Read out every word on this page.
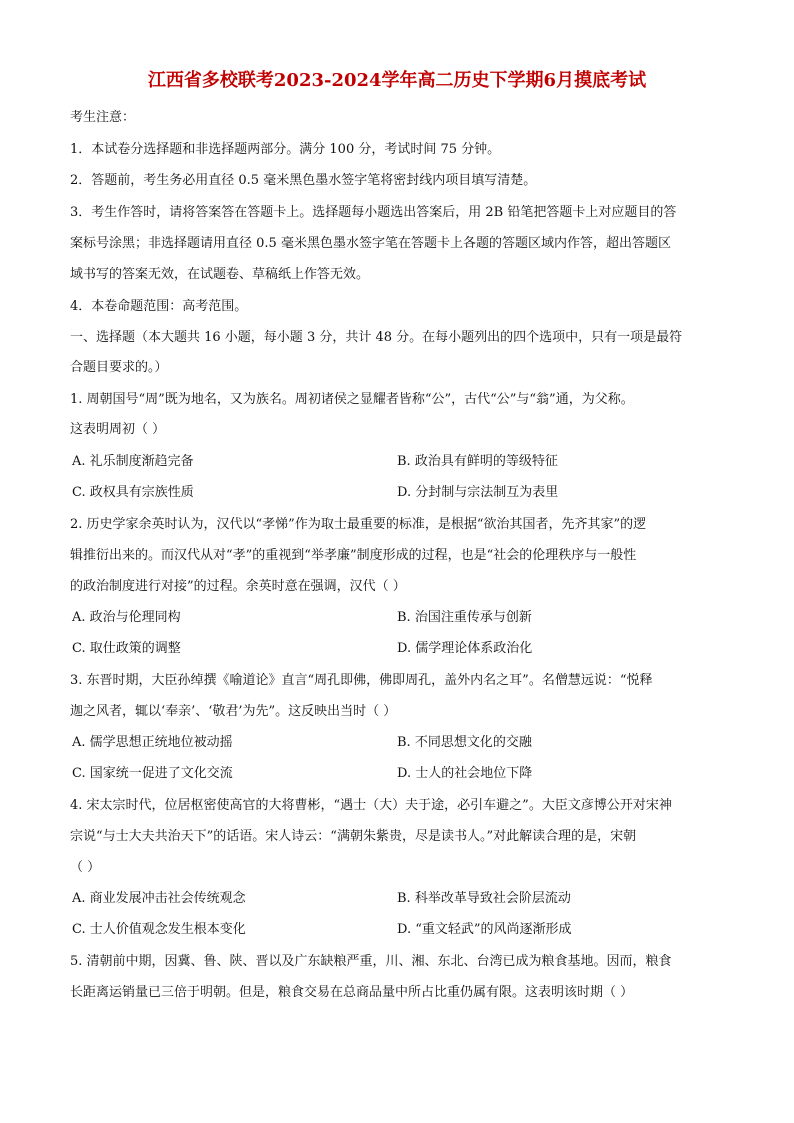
江西省多校联考2023-2024学年高二历史下学期6月摸底考试
考生注意：
1．本试卷分选择题和非选择题两部分。满分 100 分，考试时间 75 分钟。
2．答题前，考生务必用直径 0.5 毫米黑色墨水签字笔将密封线内项目填写清楚。
3．考生作答时，请将答案答在答题卡上。选择题每小题选出答案后，用 2B 铅笔把答题卡上对应题目的答
案标号涂黑；非选择题请用直径 0.5 毫米黑色墨水签字笔在答题卡上各题的答题区域内作答，超出答题区
域书写的答案无效，在试题卷、草稿纸上作答无效。
4．本卷命题范围：高考范围。
一、选择题（本大题共 16 小题，每小题 3 分，共计 48 分。在每小题列出的四个选项中，只有一项是最符
合题目要求的。）
1. 周朝国号“周”既为地名，又为族名。周初诸侯之显耀者皆称“公”，古代“公”与“翁”通，为父称。
这表明周初（ ）
A. 礼乐制度渐趋完备	B. 政治具有鲜明的等级特征
C. 政权具有宗族性质	D. 分封制与宗法制互为表里
2. 历史学家余英时认为，汉代以“孝悌”作为取士最重要的标准，是根据“欲治其国者，先齐其家”的逻
辑推衍出来的。而汉代从对“孝”的重视到“举孝廉”制度形成的过程，也是“社会的伦理秩序与一般性
的政治制度进行对接”的过程。余英时意在强调，汉代（ ）
A. 政治与伦理同构	B. 治国注重传承与创新
C. 取仕政策的调整	D. 儒学理论体系政治化
3. 东晋时期，大臣孙绰撰《喻道论》直言“周孔即佛，佛即周孔，盖外内名之耳”。名僧慧远说：“悦释
迦之风者，辄以‘奉亲’、‘敬君’为先”。这反映出当时（ ）
A. 儒学思想正统地位被动摇	B. 不同思想文化的交融
C. 国家统一促进了文化交流	D. 士人的社会地位下降
4. 宋太宗时代，位居枢密使高官的大将曹彬，“遇士（大）夫于途，必引车避之”。大臣文彦博公开对宋神
宗说“与士大夫共治天下”的话语。宋人诗云：“满朝朱紫贵，尽是读书人。”对此解读合理的是，宋朝
（ ）
A. 商业发展冲击社会传统观念	B. 科举改革导致社会阶层流动
C. 士人价值观念发生根本变化	D. “重文轻武”的风尚逐渐形成
5. 清朝前中期，因冀、鲁、陕、晋以及广东缺粮严重，川、湘、东北、台湾已成为粮食基地。因而，粮食
长距离运销量已三倍于明朝。但是，粮食交易在总商品量中所占比重仍属有限。这表明该时期（ ）
